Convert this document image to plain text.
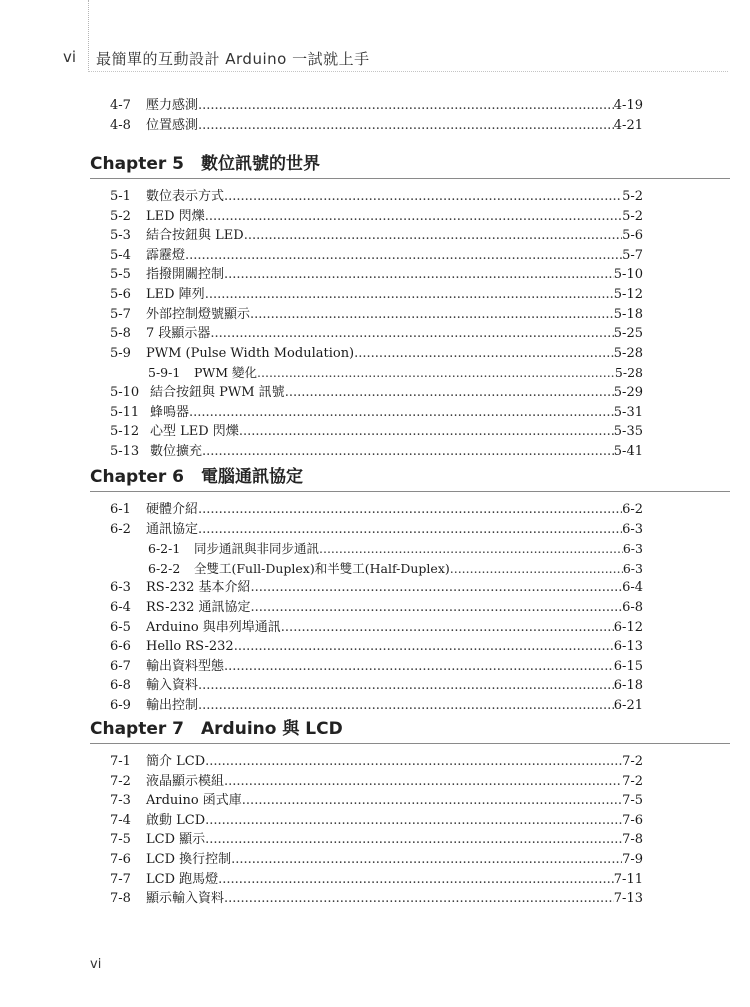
vi 最簡單的互動設計 Arduino 一試就上手
4-7	壓力感測 .....	4-19
4-8	位置感測 .....	4-21
Chapter 5　數位訊號的世界
5-1	數位表示方式 .....	5-2
5-2	LED 閃爍 .....	5-2
5-3	結合按鈕與 LED .....	5-6
5-4	霹靂燈 .....	5-7
5-5	指撥開關控制 .....	5-10
5-6	LED 陣列 .....	5-12
5-7	外部控制燈號顯示 .....	5-18
5-8	7 段顯示器 .....	5-25
5-9	PWM (Pulse Width Modulation) .....	5-28
5-9-1	PWM 變化 .....	5-28
5-10 結合按鈕與 PWM 訊號 .....	5-29
5-11 蜂鳴器 .....	5-31
5-12 心型 LED 閃爍 .....	5-35
5-13 數位擴充 .....	5-41
Chapter 6　電腦通訊協定
6-1	硬體介紹 .....	6-2
6-2	通訊協定 .....	6-3
6-2-1	同步通訊與非同步通訊 .....	6-3
6-2-2	全雙工(Full-Duplex)和半雙工(Half-Duplex) .....	6-3
6-3	RS-232 基本介紹 .....	6-4
6-4	RS-232 通訊協定 .....	6-8
6-5	Arduino 與串列埠通訊 .....	6-12
6-6	Hello RS-232 .....	6-13
6-7	輸出資料型態 .....	6-15
6-8	輸入資料 .....	6-18
6-9	輸出控制 .....	6-21
Chapter 7　Arduino 與 LCD
7-1	簡介 LCD .....	7-2
7-2	液晶顯示模組 .....	7-2
7-3	Arduino 函式庫 .....	7-5
7-4	啟動 LCD .....	7-6
7-5	LCD 顯示 .....	7-8
7-6	LCD 換行控制 .....	7-9
7-7	LCD 跑馬燈 .....	7-11
7-8	顯示輸入資料 .....	7-13
vi
